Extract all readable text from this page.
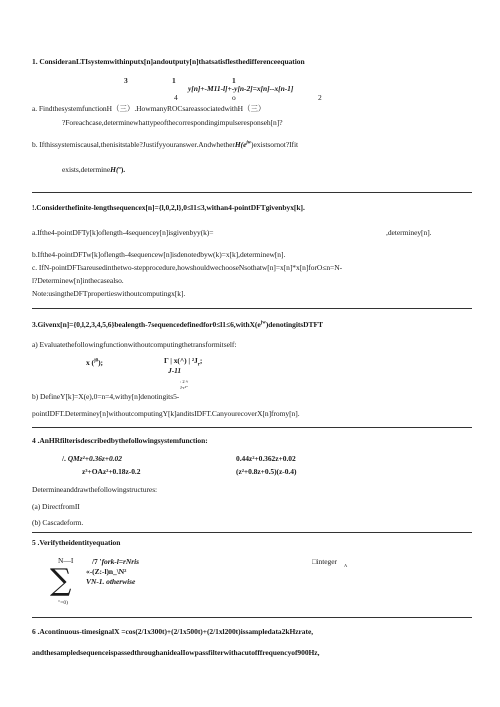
1. ConsideranLTIsystemwithinputx[n]andoutputy[n]thatsatisflesthedifferenceequation
3	1	1
y[n]+-M11-l]+-y[n-2]=x[n]--x[n-1]
4	o	2
a. FindthesystemfunctionH（三）.HowmanyROCsareassociatedwithH（三）
?Foreachcase,determinewhattypeofthecorrespondingimpulseresponseh[n]?
b. $Ifthissystemiscausal,thenisitstable?Justifyyouranswer.AndwhetherH(e^{jw})existsornot?Ifit$
exists,determineH(º).
!.Considerthefinite-lengthsequencex[n]={l,0,2,l},0≤l1≤3,withan4-pointDFTgivenbyx[k].
a.Ifthe4-pointDFTy[k]oflength-4sequencey[n]isgivenbyy(k)=	,determiney[n].
b.Ifthe4-pointDFTw[k]oflength-4sequencew[n]isdenotedbyw(k)=x[k],determinew[n].
c. IfN-pointDFTsareusedinthetwo-stepprocedure,howshouldwechooseNsothatw[n]=x[n]*x[n]forO≤n=N-
l?Determinew[n]inthecasealso.
Note:usingtheDFTpropertieswithoutcomputingx[k].
$3.Givenx[n]=\{0,l,2,3,4,5,6\}bealength-7sequencedefinedfor0\le l1\le 6,withX(e^{jw})denotingitsDTFT$
a) Evaluatethefollowingfunctionwithoutcomputingthetransformitself:
x ($^{j0}$);	Γ | x(^) | $^2J_r$;
J-11
: 2 ≈
J-r²"
b) DefineY[k]=X(e),0=n=4,withy[n]denotingits5-
pointIDFT.Determiney[n]withoutcomputingY[k]anditsIDFT.CanyourecoverX[n]fromy[n].
4 .AnHRfilterisdescribedbythefollowingsystemfunction:
/. QMz²+0.36z+0.02	0.44z²+0.362z+0.02
z³+OAz²+0.18z-0.2	(z²+0.8z+0.5)(z-0.4)
Determineanddrawthefollowingstructures:
(a) DirectfromII
(b) Cascadeform.
5 .Verifytheidentityequation
N—I
∑
"=0)
/7 'fork-l=rNris	□integer A
«-(Z:-l)n_\N²
VN-1. otherwise
6 .Acontinuous-timesignalX =cos(2/1x300t)+(2/1x500t)+(2/1xl200t)issampledata2kHzrate,
andthesampledsequenceispassedthroughanidealIowpassfilterwithacutofffrequencyof900Hz,
